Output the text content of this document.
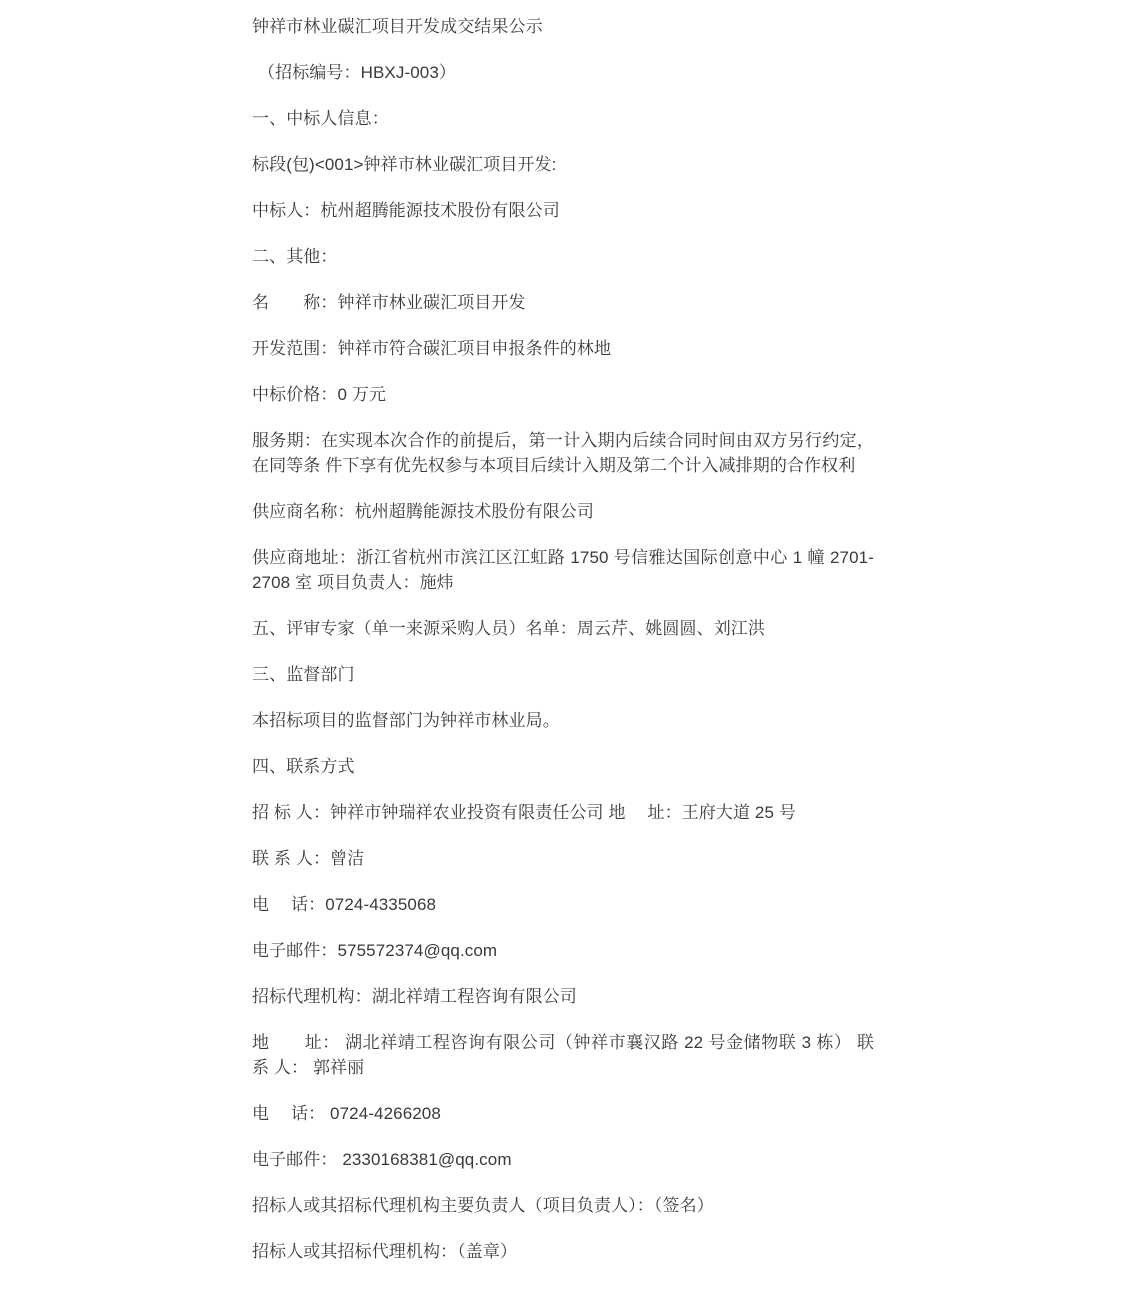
钟祥市林业碳汇项目开发成交结果公示

（招标编号：HBXJ-003）

一、中标人信息：

标段(包)<001>钟祥市林业碳汇项目开发:

中标人：杭州超腾能源技术股份有限公司

二、其他：

名　　称：钟祥市林业碳汇项目开发

开发范围：钟祥市符合碳汇项目申报条件的林地

中标价格：0 万元

服务期：在实现本次合作的前提后，第一计入期内后续合同时间由双方另行约定，在同等条 件下享有优先权参与本项目后续计入期及第二个计入减排期的合作权利

供应商名称：杭州超腾能源技术股份有限公司

供应商地址：浙江省杭州市滨江区江虹路 1750 号信雅达国际创意中心 1 幢 2701-2708 室 项目负责人：施炜

五、评审专家（单一来源采购人员）名单：周云芹、姚圆圆、刘江洪

三、监督部门

本招标项目的监督部门为钟祥市林业局。

四、联系方式

招 标 人：钟祥市钟瑞祥农业投资有限责任公司 地　 址：王府大道 25 号

联 系 人：曾洁

电　 话：0724-4335068

电子邮件：575572374@qq.com

招标代理机构：湖北祥靖工程咨询有限公司

地　　址： 湖北祥靖工程咨询有限公司（钟祥市襄汉路 22 号金储物联 3 栋） 联 系 人： 郭祥丽

电　 话： 0724-4266208

电子邮件： 2330168381@qq.com

招标人或其招标代理机构主要负责人（项目负责人）：（签名）

招标人或其招标代理机构：（盖章）
